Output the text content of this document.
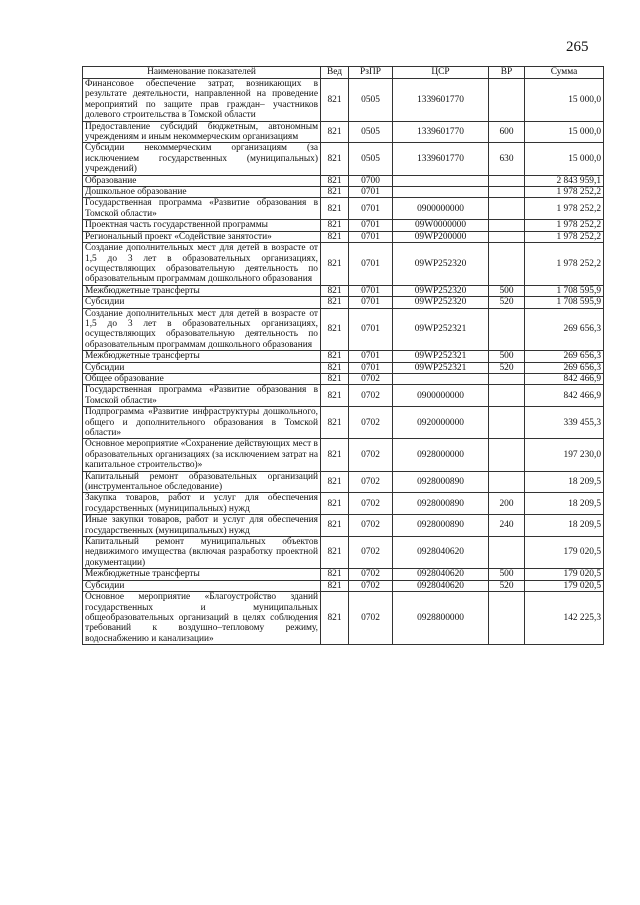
265
Наименование показателей	Вед	РзПР	ЦСР	ВР	Сумма
Финансовое обеспечение затрат, возникающих в результате деятельности, направленной на проведение мероприятий по защите прав граждан– участников долевого строительства в Томской области	821	0505	1339601770		15 000,0
Предоставление субсидий бюджетным, автономным учреждениям и иным некоммерческим организациям	821	0505	1339601770	600	15 000,0
Субсидии некоммерческим организациям (за исключением государственных (муниципальных) учреждений)	821	0505	1339601770	630	15 000,0
Образование	821	0700			2 843 959,1
Дошкольное образование	821	0701			1 978 252,2
Государственная программа «Развитие образования в Томской области»	821	0701	0900000000		1 978 252,2
Проектная часть государственной программы	821	0701	09W0000000		1 978 252,2
Региональный проект «Содействие занятости»	821	0701	09WP200000		1 978 252,2
Создание дополнительных мест для детей в возрасте от 1,5 до 3 лет в образовательных организациях, осуществляющих образовательную деятельность по образовательным программам дошкольного образования	821	0701	09WP252320		1 978 252,2
Межбюджетные трансферты	821	0701	09WP252320	500	1 708 595,9
Субсидии	821	0701	09WP252320	520	1 708 595,9
Создание дополнительных мест для детей в возрасте от 1,5 до 3 лет в образовательных организациях, осуществляющих образовательную деятельность по образовательным программам дошкольного образования	821	0701	09WP252321		269 656,3
Межбюджетные трансферты	821	0701	09WP252321	500	269 656,3
Субсидии	821	0701	09WP252321	520	269 656,3
Общее образование	821	0702			842 466,9
Государственная программа «Развитие образования в Томской области»	821	0702	0900000000		842 466,9
Подпрограмма «Развитие инфраструктуры дошкольного, общего и дополнительного образования в Томской области»	821	0702	0920000000		339 455,3
Основное мероприятие «Сохранение действующих мест в образовательных организациях (за исключением затрат на капитальное строительство)»	821	0702	0928000000		197 230,0
Капитальный ремонт образовательных организаций (инструментальное обследование)	821	0702	0928000890		18 209,5
Закупка товаров, работ и услуг для обеспечения государственных (муниципальных) нужд	821	0702	0928000890	200	18 209,5
Иные закупки товаров, работ и услуг для обеспечения государственных (муниципальных) нужд	821	0702	0928000890	240	18 209,5
Капитальный ремонт муниципальных объектов недвижимого имущества (включая разработку проектной документации)	821	0702	0928040620		179 020,5
Межбюджетные трансферты	821	0702	0928040620	500	179 020,5
Субсидии	821	0702	0928040620	520	179 020,5
Основное мероприятие «Благоустройство зданий государственных и муниципальных общеобразовательных организаций в целях соблюдения требований к воздушно–тепловому режиму, водоснабжению и канализации»	821	0702	0928800000		142 225,3
